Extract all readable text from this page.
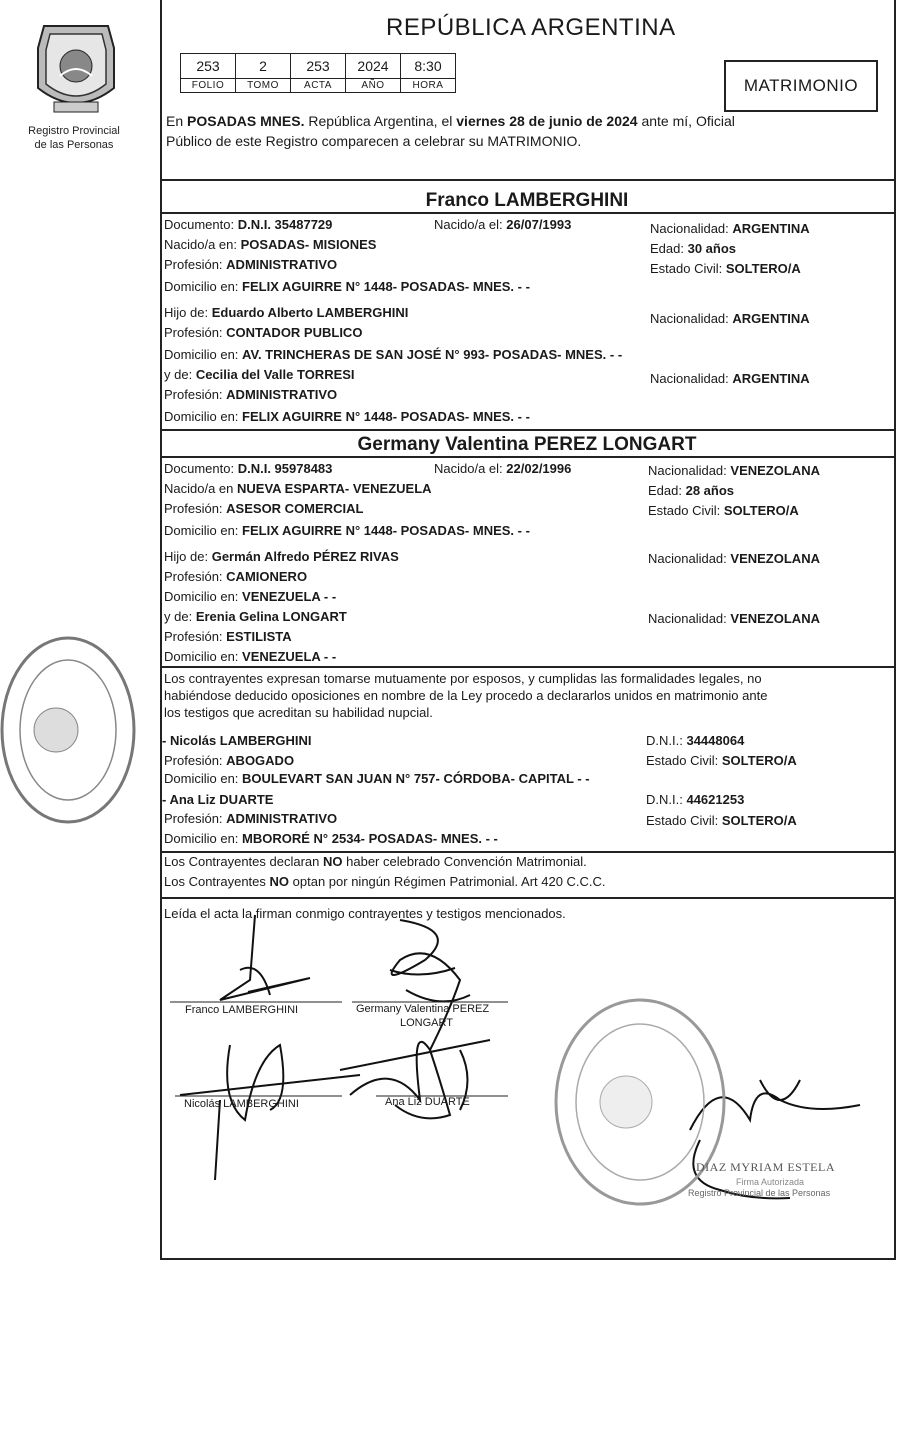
Registro Provincial
de las Personas
REPÚBLICA ARGENTINA
253	2	253	2024	8:30
FOLIO	TOMO	ACTA	AÑO	HORA	MATRIMONIO
En POSADAS MNES. República Argentina, el viernes 28 de junio de 2024 ante mí, Oficial
Público de este Registro comparecen a celebrar su MATRIMONIO.
Franco LAMBERGHINI
Documento: D.N.I. 35487729	Nacido/a el: 26/07/1993	Nacionalidad: ARGENTINA
Nacido/a en: POSADAS- MISIONES	Edad: 30 años
Profesión: ADMINISTRATIVO	Estado Civil: SOLTERO/A
Domicilio en: FELIX AGUIRRE N° 1448- POSADAS- MNES. - -
Hijo de: Eduardo Alberto LAMBERGHINI	Nacionalidad: ARGENTINA
Profesión: CONTADOR PUBLICO
Domicilio en: AV. TRINCHERAS DE SAN JOSÉ N° 993- POSADAS- MNES. - -
y de: Cecilia del Valle TORRESI	Nacionalidad: ARGENTINA
Profesión: ADMINISTRATIVO
Domicilio en: FELIX AGUIRRE N° 1448- POSADAS- MNES. - -
Germany Valentina PEREZ LONGART
Documento: D.N.I. 95978483	Nacido/a el: 22/02/1996	Nacionalidad: VENEZOLANA
Nacido/a en NUEVA ESPARTA- VENEZUELA	Edad: 28 años
Profesión: ASESOR COMERCIAL	Estado Civil: SOLTERO/A
Domicilio en: FELIX AGUIRRE N° 1448- POSADAS- MNES. - -
Hijo de: Germán Alfredo PÉREZ RIVAS	Nacionalidad: VENEZOLANA
Profesión: CAMIONERO
Domicilio en: VENEZUELA - -
y de: Erenia Gelina LONGART	Nacionalidad: VENEZOLANA
Profesión: ESTILISTA
Domicilio en: VENEZUELA - -
Los contrayentes expresan tomarse mutuamente por esposos, y cumplidas las formalidades legales, no
habiéndose deducido oposiciones en nombre de la Ley procedo a declararlos unidos en matrimonio ante
los testigos que acreditan su habilidad nupcial.
- Nicolás LAMBERGHINI	D.N.I.: 34448064
Profesión: ABOGADO	Estado Civil: SOLTERO/A
Domicilio en: BOULEVART SAN JUAN N° 757- CÓRDOBA- CAPITAL - -
- Ana Liz DUARTE	D.N.I.: 44621253
Profesión: ADMINISTRATIVO	Estado Civil: SOLTERO/A
Domicilio en: MBORORÉ N° 2534- POSADAS- MNES. - -
Los Contrayentes declaran NO haber celebrado Convención Matrimonial.
Los Contrayentes NO optan por ningún Régimen Patrimonial. Art 420 C.C.C.
Leída el acta la firman conmigo contrayentes y testigos mencionados.
Franco LAMBERGHINI	Germany Valentina PEREZ
LONGART
Nicolás LAMBERGHINI	Ana Liz DUARTE
DIAZ MYRIAM ESTELA
Firma Autorizada
Registro Provincial de las Personas
